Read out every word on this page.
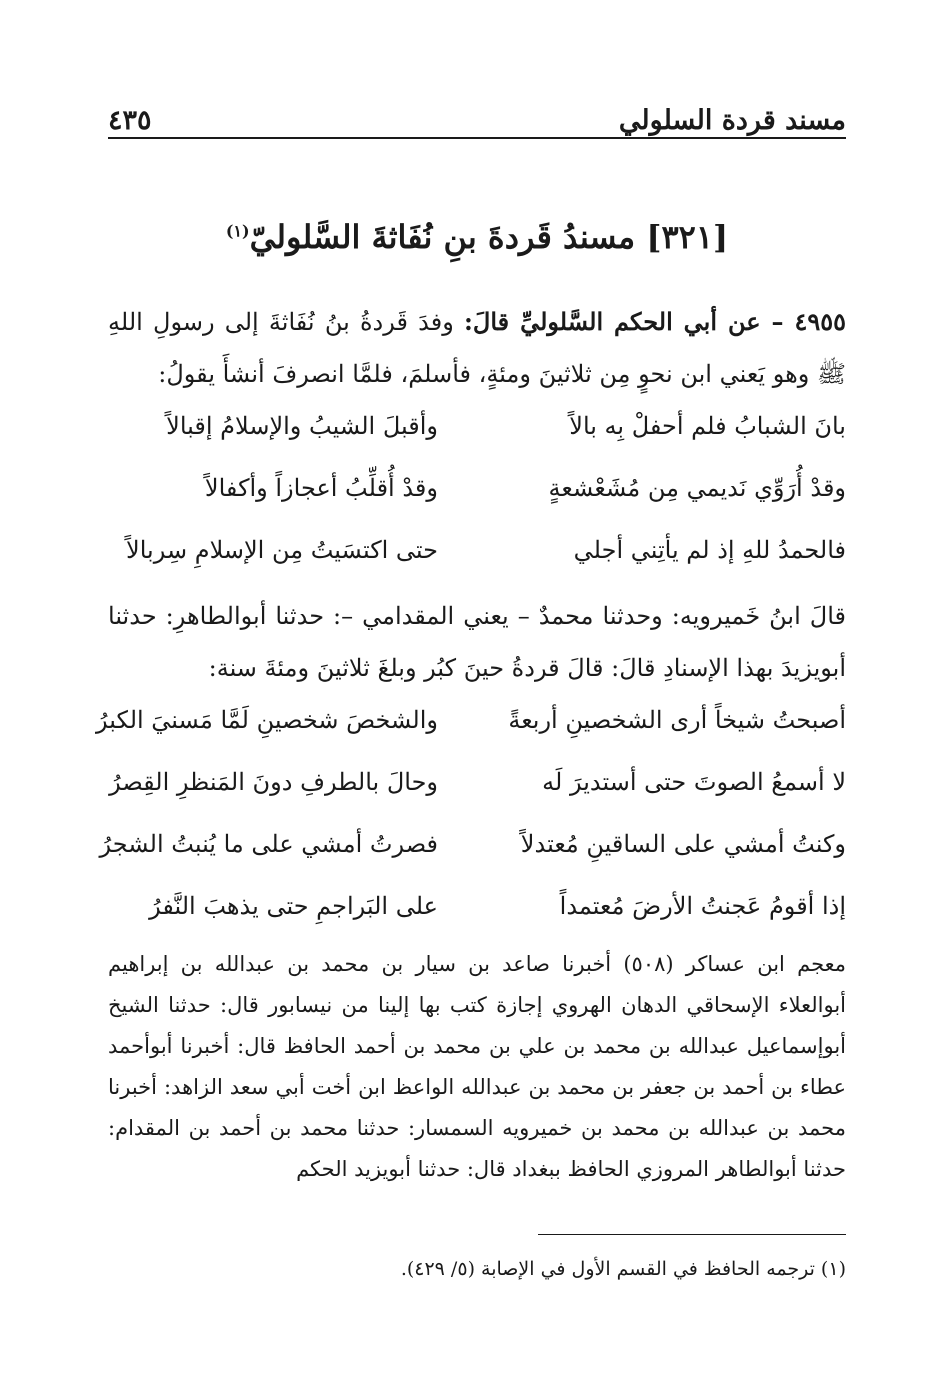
مسند قردة السلولي
٤٣٥
[٣٢١] مسندُ قَردةَ بنِ نُفَاثةَ السَّلوليّ$^{(١)}$
٤٩٥٥ – عن أبي الحكم السَّلوليِّ قالَ: وفدَ قَردةُ بنُ نُفَاثةَ إلى رسولِ اللهِ ﷺ وهو يَعني ابن نحوٍ مِن ثلاثينَ ومئةٍ، فأسلمَ، فلمَّا انصرفَ أنشأَ يقولُ:
بانَ الشبابُ فلم أحفلْ بِه بالاً
وأقبلَ الشيبُ والإسلامُ إقبالاً
وقدْ أُرَوِّي نَديمي مِن مُشَعْشعةٍ
وقدْ أُقلِّبُ أعجازاً وأكفالاً
فالحمدُ للهِ إذ لم يأتِني أجلي
حتى اكتسَيتُ مِن الإسلامِ سِربالاً
قالَ ابنُ خَميرويه: وحدثنا محمدٌ – يعني المقدامي –: حدثنا أبوالطاهرِ: حدثنا أبويزيدَ بهذا الإسنادِ قالَ: قالَ قردةُ حينَ كبُر وبلغَ ثلاثينَ ومئةَ سنة:
أصبحتُ شيخاً أرى الشخصينِ أربعةً
والشخصَ شخصينِ لَمَّا مَسنيَ الكبرُ
لا أسمعُ الصوتَ حتى أستديرَ لَه
وحالَ بالطرفِ دونَ المَنظرِ القِصرُ
وكنتُ أمشي على الساقينِ مُعتدلاً
فصرتُ أمشي على ما يُنبتُ الشجرُ
إذا أقومُ عَجنتُ الأرضَ مُعتمداً
على البَراجمِ حتى يذهبَ النَّفرُ
معجم ابن عساكر (٥٠٨) أخبرنا صاعد بن سيار بن محمد بن عبدالله بن إبراهيم أبوالعلاء الإسحاقي الدهان الهروي إجازة كتب بها إلينا من نيسابور قال: حدثنا الشيخ أبوإسماعيل عبدالله بن محمد بن علي بن محمد بن أحمد الحافظ قال: أخبرنا أبوأحمد عطاء بن أحمد بن جعفر بن محمد بن عبدالله الواعظ ابن أخت أبي سعد الزاهد: أخبرنا محمد بن عبدالله بن محمد بن خميرويه السمسار: حدثنا محمد بن أحمد بن المقدام: حدثنا أبوالطاهر المروزي الحافظ ببغداد قال: حدثنا أبويزيد الحكم
(١) ترجمه الحافظ في القسم الأول في الإصابة (٥/ ٤٢٩).
